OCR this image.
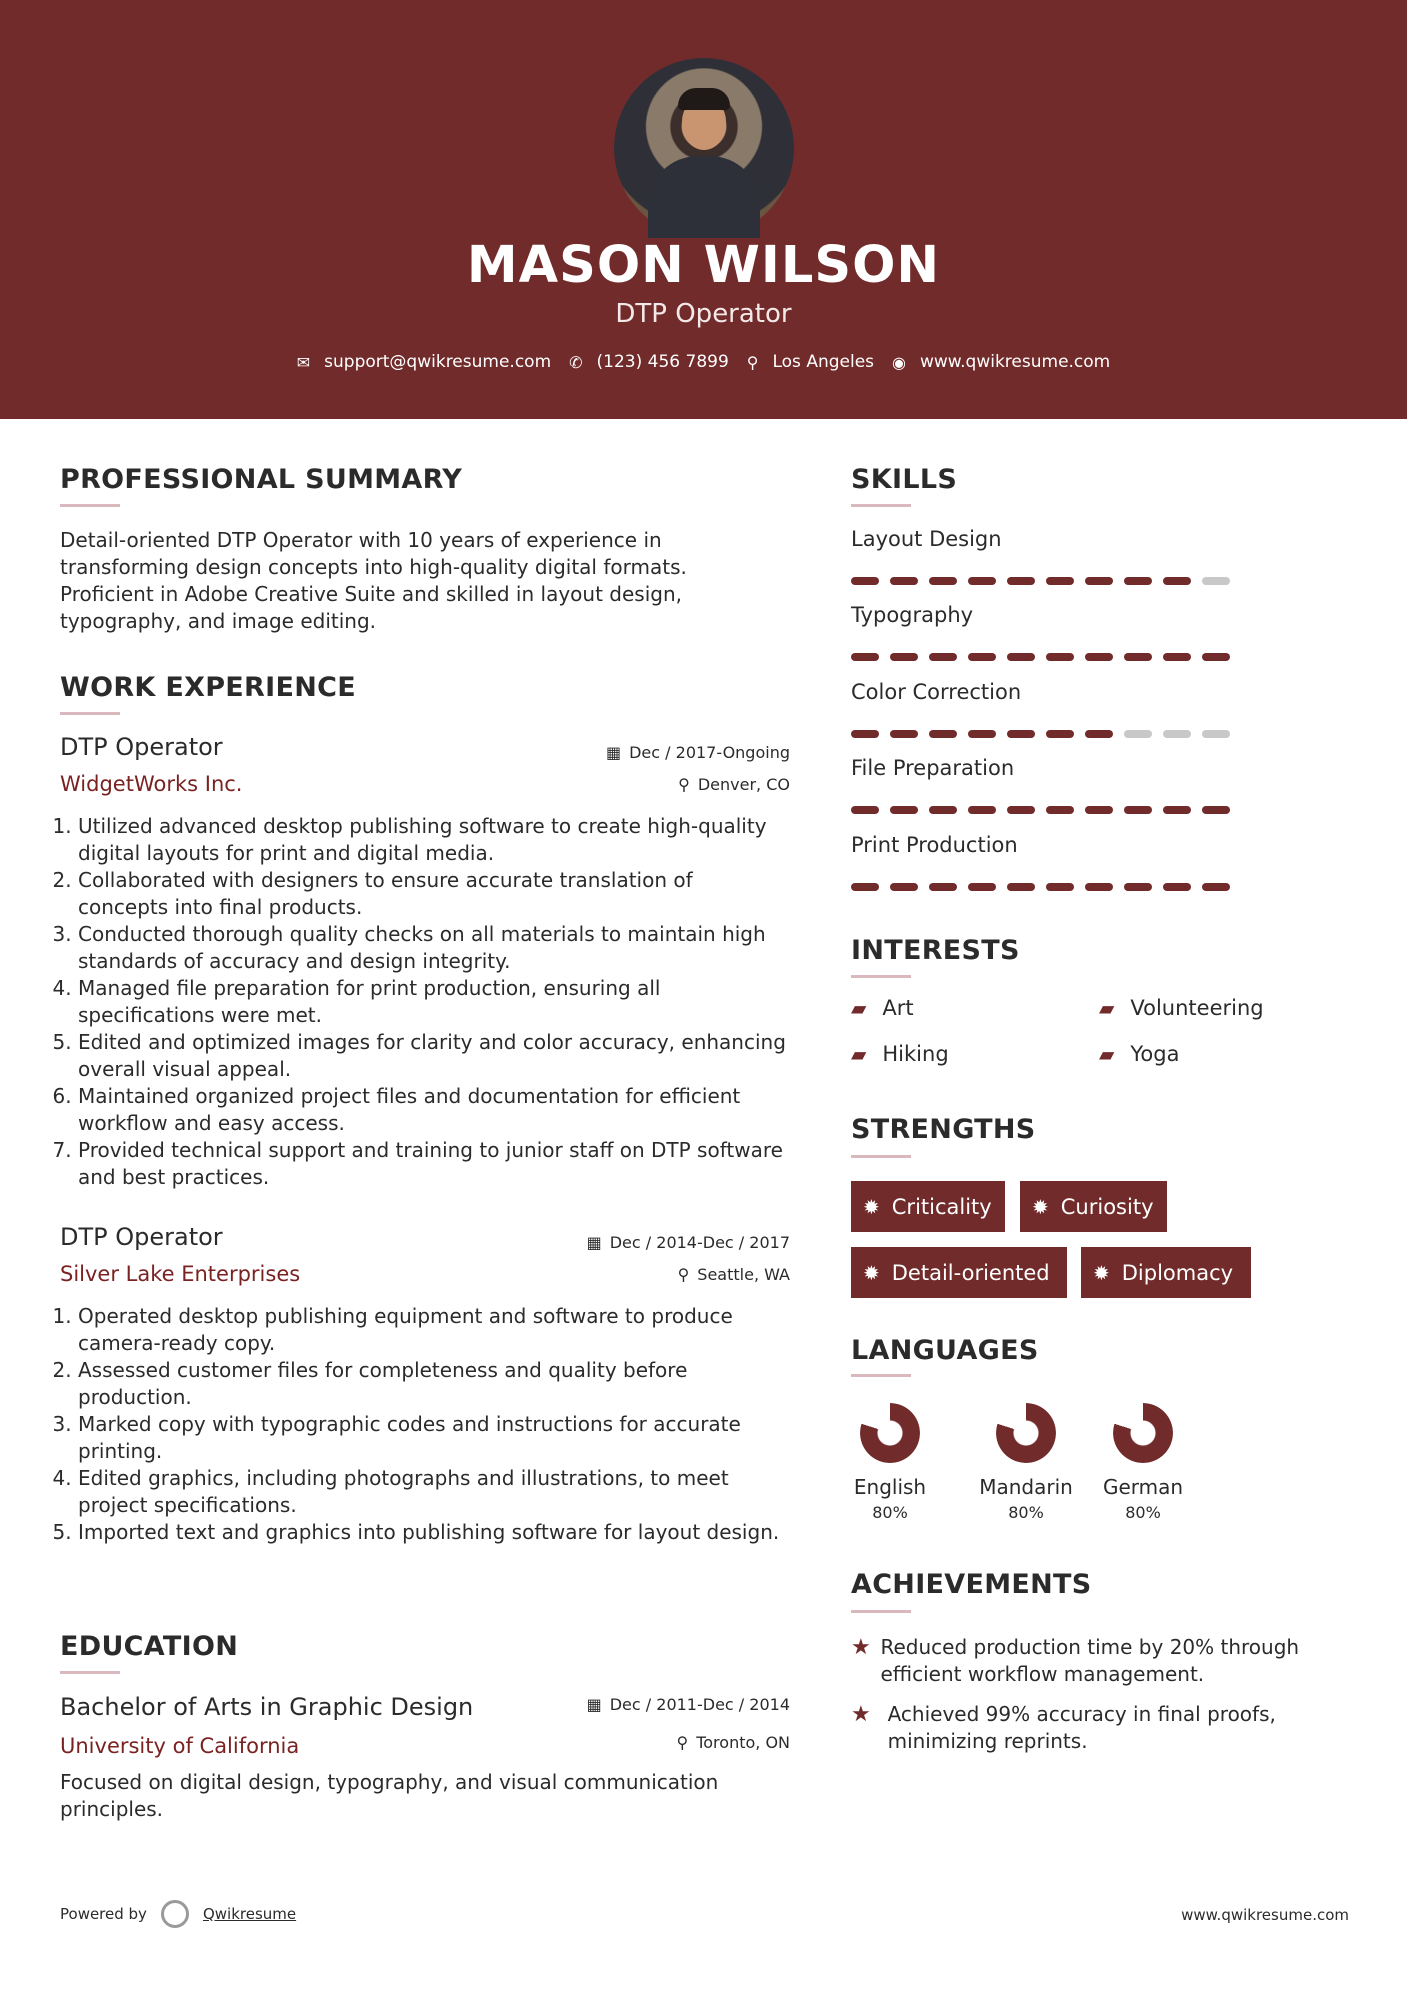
MASON WILSON
DTP Operator
✉ support@qwikresume.com ✆ (123) 456 7899 ⚲ Los Angeles ◉ www.qwikresume.com
PROFESSIONAL SUMMARY
Detail-oriented DTP Operator with 10 years of experience in transforming design concepts into high-quality digital formats. Proficient in Adobe Creative Suite and skilled in layout design, typography, and image editing.
WORK EXPERIENCE
DTP Operator	▦ Dec / 2017-Ongoing
WidgetWorks Inc.	⚲ Denver, CO
1. Utilized advanced desktop publishing software to create high-quality digital layouts for print and digital media.
2. Collaborated with designers to ensure accurate translation of concepts into final products.
3. Conducted thorough quality checks on all materials to maintain high standards of accuracy and design integrity.
4. Managed file preparation for print production, ensuring all specifications were met.
5. Edited and optimized images for clarity and color accuracy, enhancing overall visual appeal.
6. Maintained organized project files and documentation for efficient workflow and easy access.
7. Provided technical support and training to junior staff on DTP software and best practices.
DTP Operator	▦ Dec / 2014-Dec / 2017
Silver Lake Enterprises	⚲ Seattle, WA
1. Operated desktop publishing equipment and software to produce camera-ready copy.
2. Assessed customer files for completeness and quality before production.
3. Marked copy with typographic codes and instructions for accurate printing.
4. Edited graphics, including photographs and illustrations, to meet project specifications.
5. Imported text and graphics into publishing software for layout design.
EDUCATION
Bachelor of Arts in Graphic Design	▦ Dec / 2011-Dec / 2014
University of California	⚲ Toronto, ON
Focused on digital design, typography, and visual communication principles.
SKILLS
Layout Design
Typography
Color Correction
File Preparation
Print Production
INTERESTS
▰ Art	▰ Volunteering
▰ Hiking	▰ Yoga
STRENGTHS
✹ Criticality ✹ Curiosity
✹ Detail-oriented ✹ Diplomacy
LANGUAGES
English
80%
Mandarin
80%
German
80%
ACHIEVEMENTS
★ Reduced production time by 20% through efficient workflow management.
★ Achieved 99% accuracy in final proofs, minimizing reprints.
Powered by	Qwikresume	www.qwikresume.com
